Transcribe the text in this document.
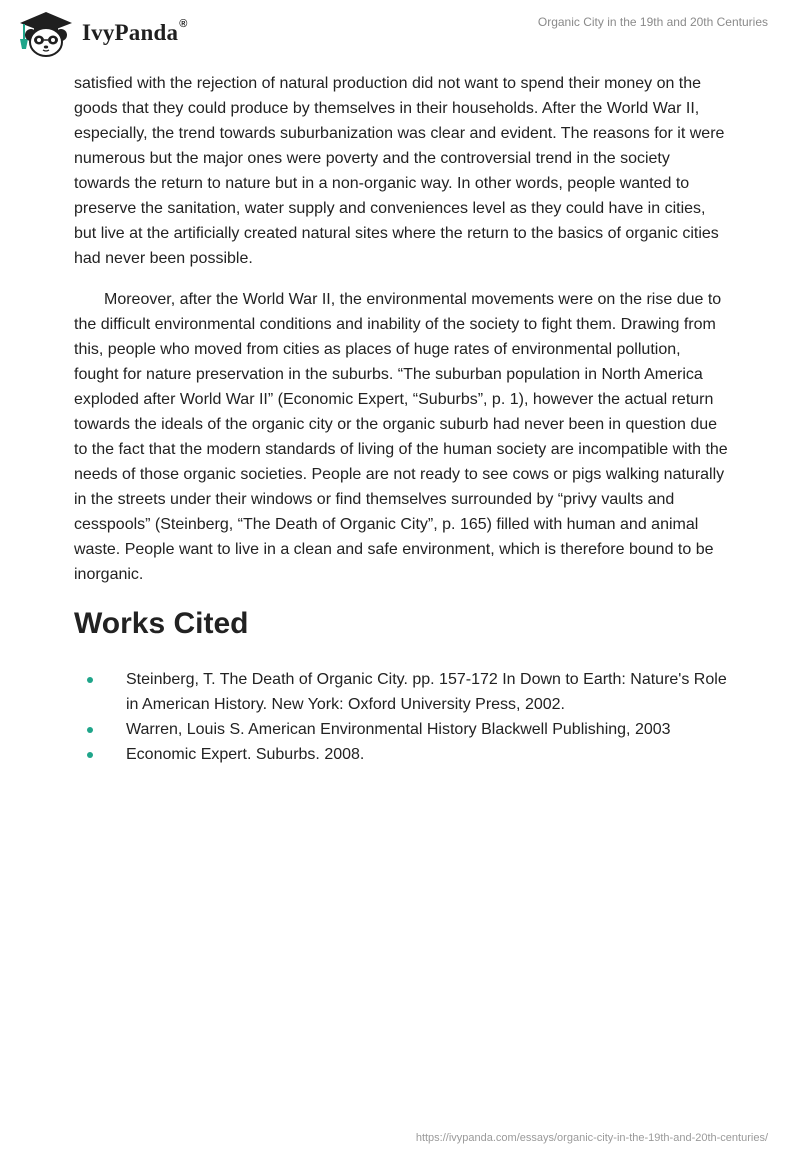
IvyPanda®	Organic City in the 19th and 20th Centuries

satisfied with the rejection of natural production did not want to spend their money on the goods that they could produce by themselves in their households. After the World War II, especially, the trend towards suburbanization was clear and evident. The reasons for it were numerous but the major ones were poverty and the controversial trend in the society towards the return to nature but in a non-organic way. In other words, people wanted to preserve the sanitation, water supply and conveniences level as they could have in cities, but live at the artificially created natural sites where the return to the basics of organic cities had never been possible.

Moreover, after the World War II, the environmental movements were on the rise due to the difficult environmental conditions and inability of the society to fight them. Drawing from this, people who moved from cities as places of huge rates of environmental pollution, fought for nature preservation in the suburbs. “The suburban population in North America exploded after World War II” (Economic Expert, “Suburbs”, p. 1), however the actual return towards the ideals of the organic city or the organic suburb had never been in question due to the fact that the modern standards of living of the human society are incompatible with the needs of those organic societies. People are not ready to see cows or pigs walking naturally in the streets under their windows or find themselves surrounded by “privy vaults and cesspools” (Steinberg, “The Death of Organic City”, p. 165) filled with human and animal waste. People want to live in a clean and safe environment, which is therefore bound to be inorganic.

Works Cited
Steinberg, T. The Death of Organic City. pp. 157-172 In Down to Earth: Nature's Role in American History. New York: Oxford University Press, 2002.
Warren, Louis S. American Environmental History Blackwell Publishing, 2003
Economic Expert. Suburbs. 2008.
https://ivypanda.com/essays/organic-city-in-the-19th-and-20th-centuries/
